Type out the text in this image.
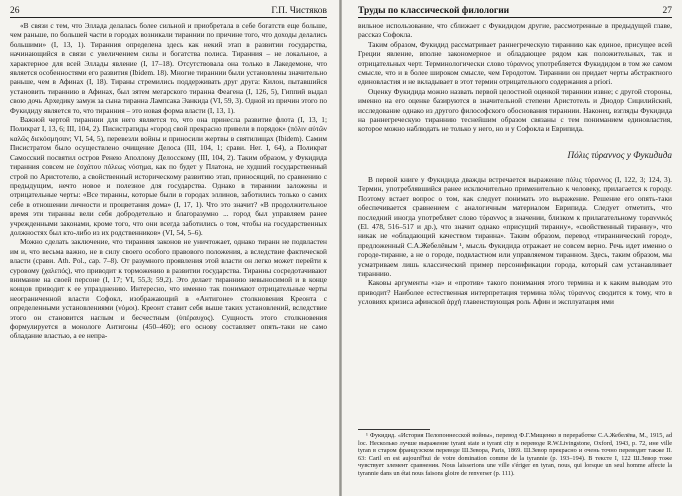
26	Г.П. Чистяков

«В связи с тем, что Эллада делалась более сильной и приобретала в себе богатств еще больше, чем раньше, по большей части в городах возникали тираннии по причине того, что доходы делались большими» (I, 13, 1). Тиранния определена здесь как некий этап в развитии государства, начинающийся в связи с увеличением силы и богатства полиса. Тиранния – не локальное, а характерное для всей Эллады явление (I, 17–18). Отсутствовала она только в Лакедемоне, что является особенностями его развития (Ibidem. 18). Многие тираннии были установлены значительно раньше, чем в Афинах (I, 18). Тираны стремились поддерживать друг друга: Килон, пытавшийся установить тираннию в Афинах, был зятем мегарского тиранна Феагена (I, 126, 5), Гиппий выдал свою дочь Архедику замуж за сына тиранна Лампсака Эанкида (VI, 59, 3). Одной из причин этого по Фукидиду является то, что тиранния – это новая форма власти (I, 13, 1).

Важной чертой тираннии для него является то, что она принесла развитие флота (I, 13, 1; Поликрат I, 13, 6; III, 104, 2). Писистратиды «город свой прекрасно привели в порядок» (πόλιν αὐτῶν καλῶς διεκόσμησαν; VI, 54, 5), перевезли войны и приносили жертвы в святилищах (Ibidem). Самим Писистратом было осуществлено очищение Делоса (III, 104, 1; срави. Her. I, 64), а Поликрат Самосский посвятил остров Ренею Аполлону Делосскому (III, 104, 2). Таким образом, у Фукидида тиранния совсем не ἐσχάτου πόλεως νόσημα, как по будет у Платона, не худший государственный строй по Аристотелю, а свойственный историческому развитию этап, приносящий, по сравнению с предыдущим, нечто новое и полезное для государства. Однако в тираннии заложены и отрицательные черты: «Все тиранны, которые были в городах эллинов, заботились только о самих себе в отношении личности и процветания дома» (I, 17, 1). Что это значит? «В продолжительное время эти тиранны вели себя добродетельно и благоразумно ... город был управляем ранее учрежденными законами, кроме того, что они всегда заботились о том, чтобы на государственных должностях был кто-либо из их родственников» (VI, 54, 5–6).

Можно сделать заключение, что тиранния законов не уничтожает, однако тиранн не подвластен им и, что весьма важно, не в силу своего особого правового положения, а вследствие фактической власти (срави. Ath. Pol., cap. 7–8). От разумного проявления этой власти он легко может перейти к суровому (χαλεπός), что приводит к торможению в развитии государства. Тиранны сосредотачивают внимание на своей персоне (I, 17; VI, 55,3; 59,2). Это делает тираннию невыносимой и в конце концов приводит к ее упразднению. Интересно, что именно так понимают отрицательные черты неограниченной власти Софокл, изображающий в «Антигоне» столкновения Креонта с определенными установлениями (νόμοι). Креонт ставит себя выше таких установлений, вследствие этого он становится наглым и бесчестным (ὑπέραυχος). Сущность этого столкновения формулируется в монологе Антигоны (450–460); его основу составляет опять-таки не само обладание властью, а ее непра-

Труды по классической филологии	27

вильное использование, что сближает с Фукидидом другие, рассмотренные в предыдущей главе, рассказ Софокла.

Таким образом, Фукидид рассматривает раннегреческую тираннию как единое, присущее всей Греции явление, вполне закономерное и обладающее рядом как положительных, так и отрицательных черт. Терминологически слово τύραννος употребляется Фукидидом в том же самом смысле, что и в более широком смысле, чем Геродотом. Тираннии он придает черты абстрактного единовластия и не вкладывает в этот термин отрицательного содержания a priori.

Оценку Фукидида можно назвать первой целостной оценкой тираннии извне; с другой стороны, именно на его оценке базируются в значительной степени Аристотель и Диодор Сицилийский, исследование однако из другого философского обоснования тираннии. Наконец, взгляды Фукидида на раннегреческую тираннию теснейшим образом связаны с тем пониманием единовластия, которое можно наблюдать не только у него, но и у Софокла и Еврипида.

Πόλις τύραννος у Фукидида

В первой книге у Фукидида дважды встречается выражение πόλις τύραννος (I, 122, 3; 124, 3). Термин, употреблявшийся ранее исключительно применительно к человеку, прилагается к городу. Поэтому встает вопрос о том, как следует понимать это выражение. Решение его опять-таки обеспечивается сравнением с аналогичным материалом Еврипида. Следует отметить, что последний иногда употребляет слово τύραννος в значении, близком к прилагательному τυραννικός (El. 478, 516–517 и др.), что значит однако «присущий тиранну», «свойственный тиранну», что никак не «обладающий качеством тиранна». Таким образом, перевод «тираннический город», предложенный С.А.Жебелёвым ¹, мысль Фукидида отражает не совсем верно. Речь идет именно о городе-тиранне, а не о городе, подвластном или управляемом тиранном. Здесь, таким образом, мы усматриваем лишь классический пример персонификации города, который сам устанавливает тираннию.

Каковы аргументы «за» и «против» такого понимания этого термина и к каким выводам это приводит? Наиболее естественная интерпретация термина πόλις τύραννος сводится к тому, что в условиях кризиса афинской ἀρχή главенствующая роль Афин и эксплуатация ими

¹ Фукидид. «История Пелопоннесской войны», перевод Ф.Г.Мищенко в переработке С.А.Жебелёва, М., 1915, ad loc. Несколько лучше выражение tyrant state и tyrant city в переводе R.W.Livingstone, Oxford, 1943, p. 72, ине ville tyran в старом французском переводе Ш.Зевора, Paris, 1869. Ш.Зевор прекрасно и очень точно переводит также II. 63: Caril en est aujourd'hui de votre domination comme de la tyrannie (p. 193–194). В тексте I, 122 Ш.Зевор тоже чувствует элемент сравнения. Nous laisserions une ville s'ériger en tyran, nous, qui lorsque un seul homme affecte la tyrannie dans un état nous faisons gloire de renverser (p. 111).
